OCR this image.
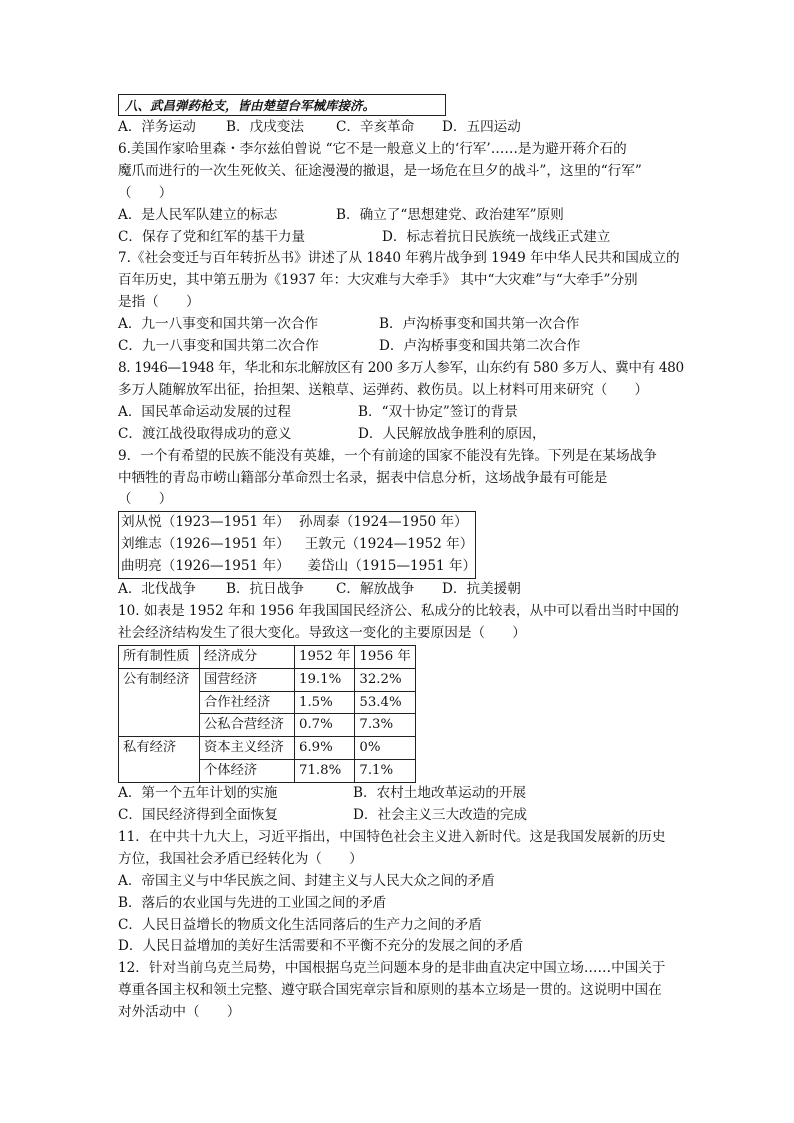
八、武昌弹药枪支，皆由楚望台军械库接济。
A．洋务运动	B．戊戌变法	C．辛亥革命	D．五四运动
6.美国作家哈里森・李尔兹伯曾说 “它不是一般意义上的‘行军’……是为避开蒋介石的
魔爪而进行的一次生死攸关、征途漫漫的撤退，是一场危在旦夕的战斗”，这里的“行军”
（　　）
A．是人民军队建立的标志	B．确立了“思想建党、政治建军”原则
C．保存了党和红军的基干力量	D．标志着抗日民族统一战线正式建立
7.《社会变迁与百年转折丛书》讲述了从 1840 年鸦片战争到 1949 年中华人民共和国成立的
百年历史，其中第五册为《1937 年：大灾难与大牵手》 其中“大灾难”与“大牵手”分别
是指（　　）
A．九一八事变和国共第一次合作	B．卢沟桥事变和国共第一次合作
C．九一八事变和国共第二次合作	D．卢沟桥事变和国共第二次合作
8. 1946—1948 年，华北和东北解放区有 200 多万人参军，山东约有 580 多万人、冀中有 480
多万人随解放军出征，抬担架、送粮草、运弹药、救伤员。以上材料可用来研究（　　）
A．国民革命运动发展的过程	B．“双十协定”签订的背景
C．渡江战役取得成功的意义	D．人民解放战争胜利的原因，
9．一个有希望的民族不能没有英雄，一个有前途的国家不能没有先锋。下列是在某场战争
中牺牲的青岛市崂山籍部分革命烈士名录，据表中信息分析，这场战争最有可能是
（　　）
刘从悦（1923—1951 年） 孙周泰（1924—1950 年）
刘维志（1926—1951 年）	王敦元（1924—1952 年）
曲明亮（1926—1951 年）	姜岱山（1915—1951 年）
A．北伐战争	B．抗日战争	C．解放战争	D．抗美援朝
10. 如表是 1952 年和 1956 年我国国民经济公、私成分的比较表，从中可以看出当时中国的
社会经济结构发生了很大变化。导致这一变化的主要原因是（　　）
所有制性质	经济成分	1952 年	1956 年
公有制经济	国营经济	19.1%	32.2%
	合作社经济	1.5%	53.4%
	公私合营经济	0.7%	7.3%
私有经济	资本主义经济	6.9%	0%
	个体经济	71.8%	7.1%
A．第一个五年计划的实施	B．农村土地改革运动的开展
C．国民经济得到全面恢复	D．社会主义三大改造的完成
11．在中共十九大上，习近平指出，中国特色社会主义进入新时代。这是我国发展新的历史
方位，我国社会矛盾已经转化为（　　）
A．帝国主义与中华民族之间、封建主义与人民大众之间的矛盾
B．落后的农业国与先进的工业国之间的矛盾
C．人民日益增长的物质文化生活同落后的生产力之间的矛盾
D．人民日益增加的美好生活需要和不平衡不充分的发展之间的矛盾
12．针对当前乌克兰局势，中国根据乌克兰问题本身的是非曲直决定中国立场……中国关于
尊重各国主权和领土完整、遵守联合国宪章宗旨和原则的基本立场是一贯的。这说明中国在
对外活动中（　　）
